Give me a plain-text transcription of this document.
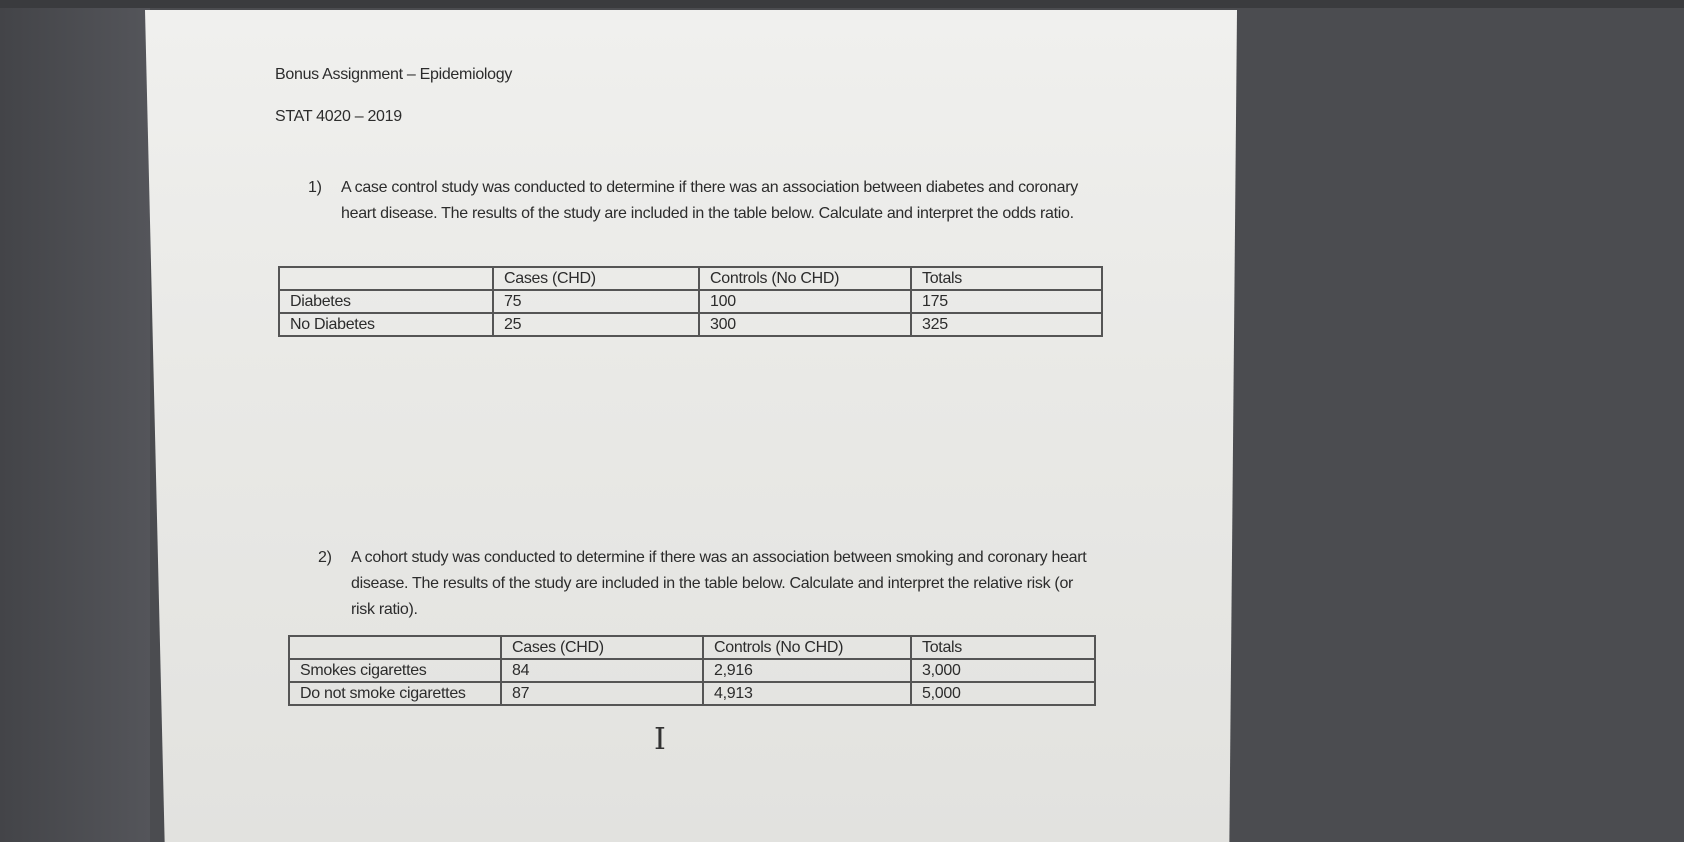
Bonus Assignment – Epidemiology
STAT 4020 – 2019
1) A case control study was conducted to determine if there was an association between diabetes and coronary heart disease. The results of the study are included in the table below. Calculate and interpret the odds ratio.
	Cases (CHD)	Controls (No CHD)	Totals
Diabetes	75	100	175
No Diabetes	25	300	325
2) A cohort study was conducted to determine if there was an association between smoking and coronary heart disease. The results of the study are included in the table below. Calculate and interpret the relative risk (or risk ratio).
	Cases (CHD)	Controls (No CHD)	Totals
Smokes cigarettes	84	2,916	3,000
Do not smoke cigarettes	87	4,913	5,000
I
